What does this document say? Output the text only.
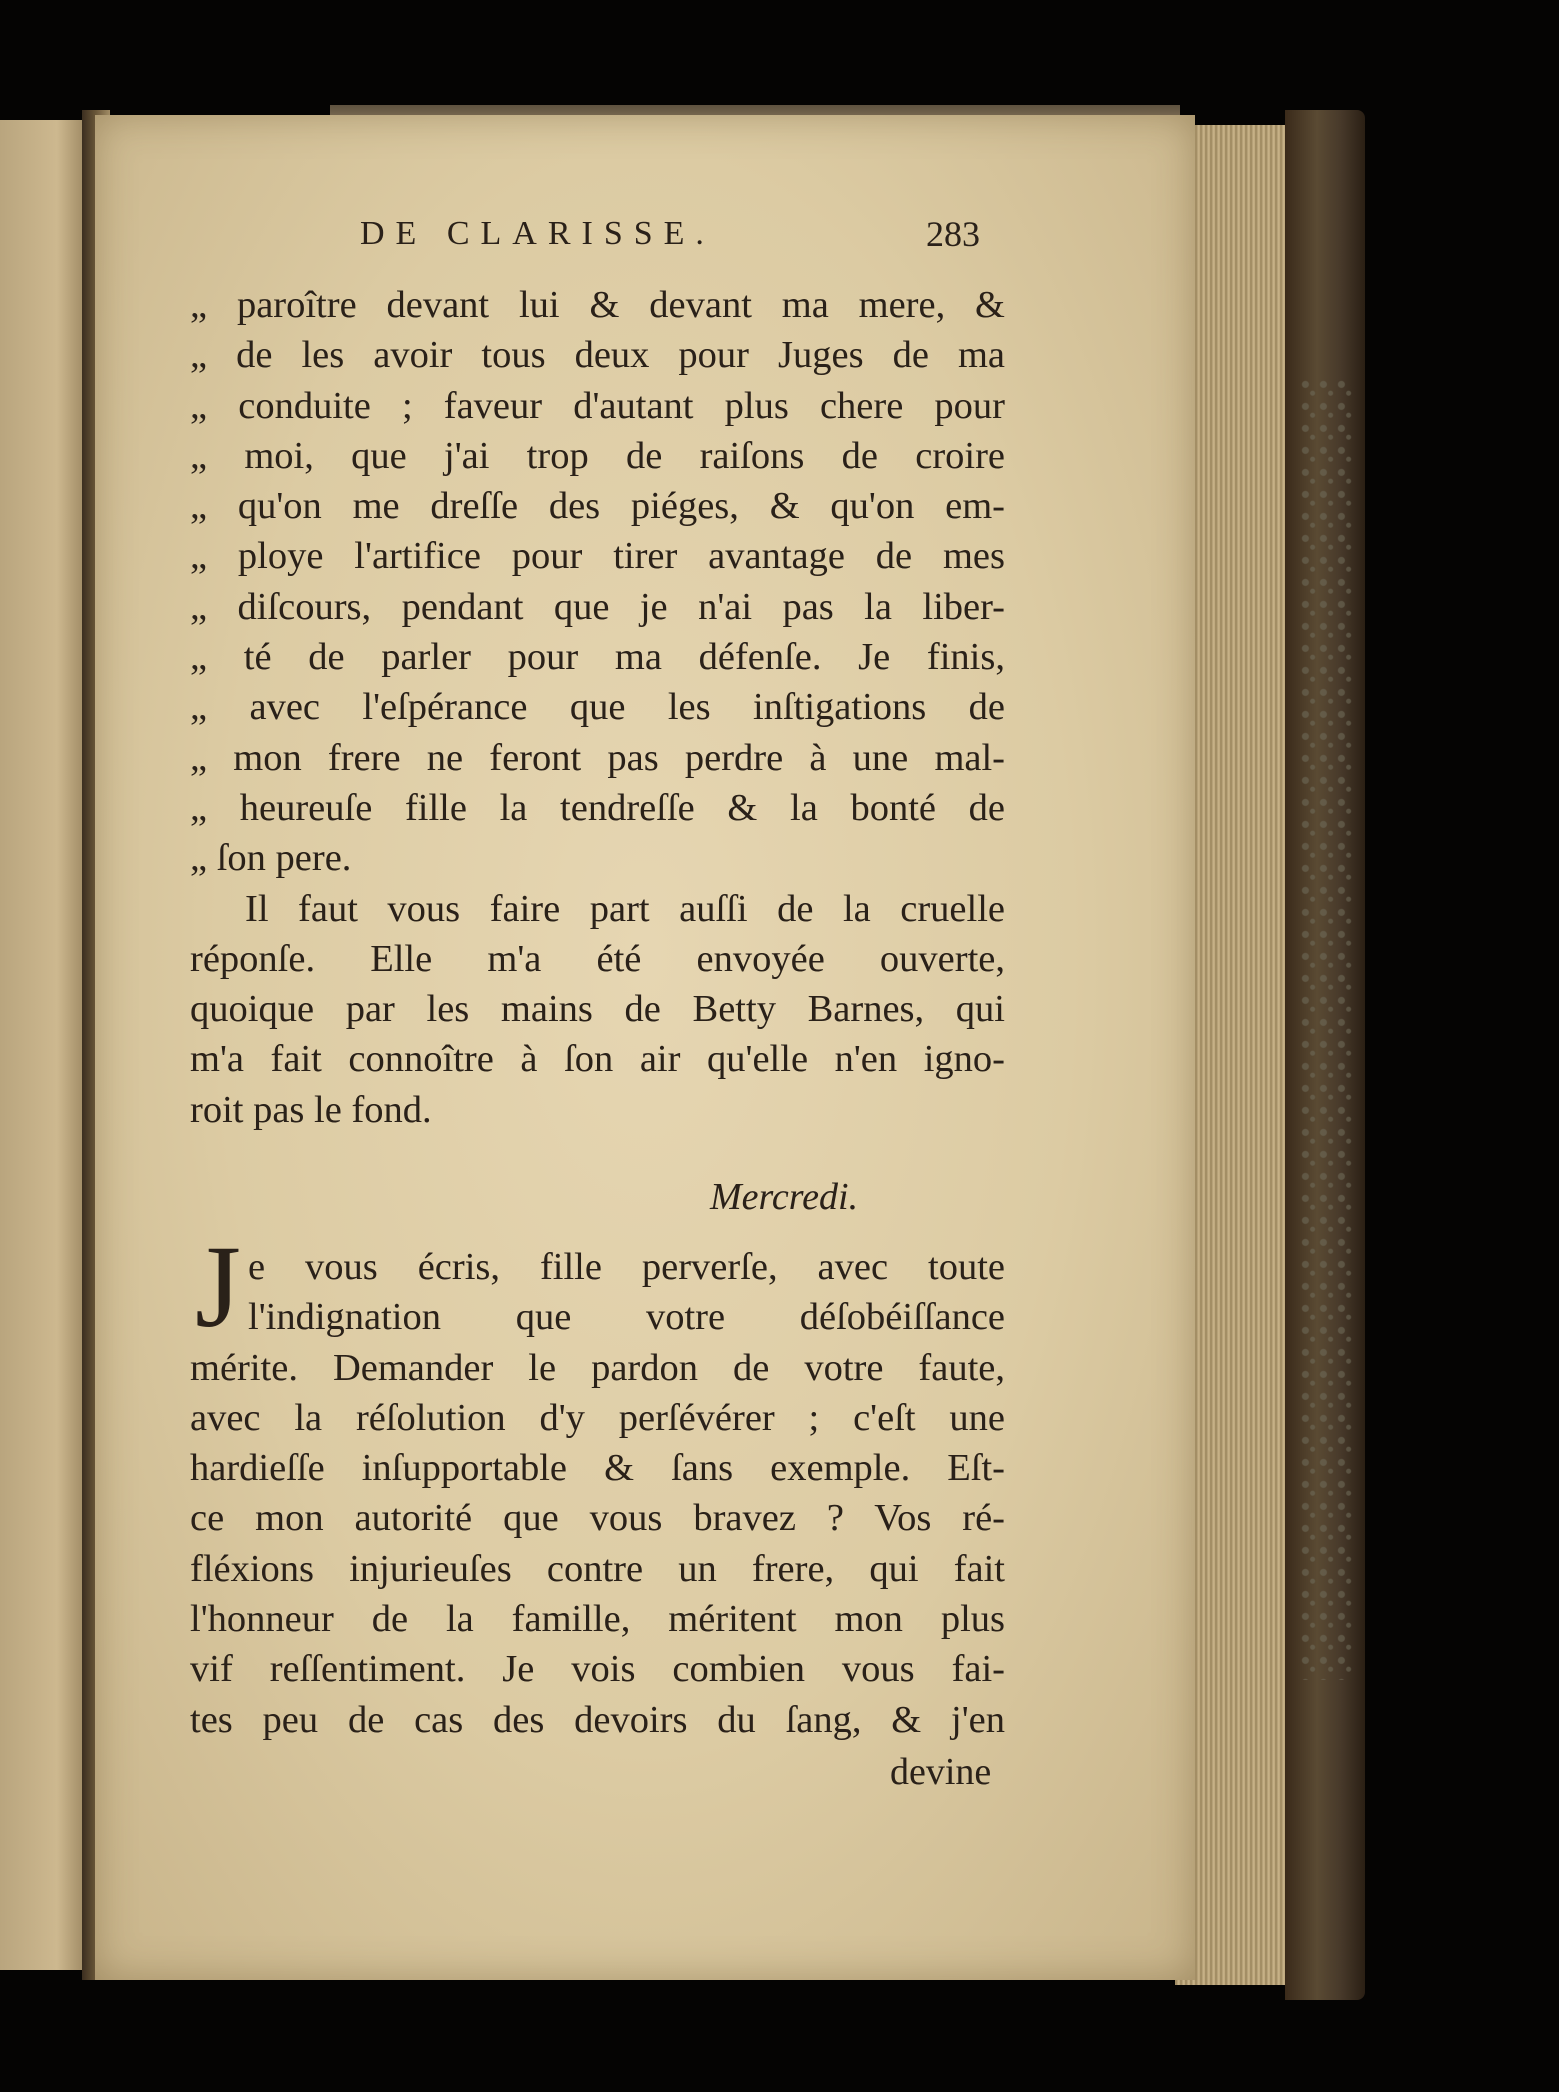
DE CLARISSE.	283
„ paroître devant lui & devant ma mere, &
„ de les avoir tous deux pour Juges de ma
„ conduite ; faveur d'autant plus chere pour
„ moi, que j'ai trop de raiſons de croire
„ qu'on me dreſſe des piéges, & qu'on em-
„ ploye l'artifice pour tirer avantage de mes
„ diſcours, pendant que je n'ai pas la liber-
„ té de parler pour ma défenſe. Je finis,
„ avec l'eſpérance que les inſtigations de
„ mon frere ne feront pas perdre à une mal-
„ heureuſe fille la tendreſſe & la bonté de
„ ſon pere.
Il faut vous faire part auſſi de la cruelle
réponſe. Elle m'a été envoyée ouverte,
quoique par les mains de Betty Barnes, qui
m'a fait connoître à ſon air qu'elle n'en igno-
roit pas le fond.
Mercredi.
J e vous écris, fille perverſe, avec toute
l'indignation que votre déſobéiſſance
mérite. Demander le pardon de votre faute,
avec la réſolution d'y perſévérer ; c'eſt une
hardieſſe inſupportable & ſans exemple. Eſt-
ce mon autorité que vous bravez ? Vos ré-
fléxions injurieuſes contre un frere, qui fait
l'honneur de la famille, méritent mon plus
vif reſſentiment. Je vois combien vous fai-
tes peu de cas des devoirs du ſang, & j'en
devine
